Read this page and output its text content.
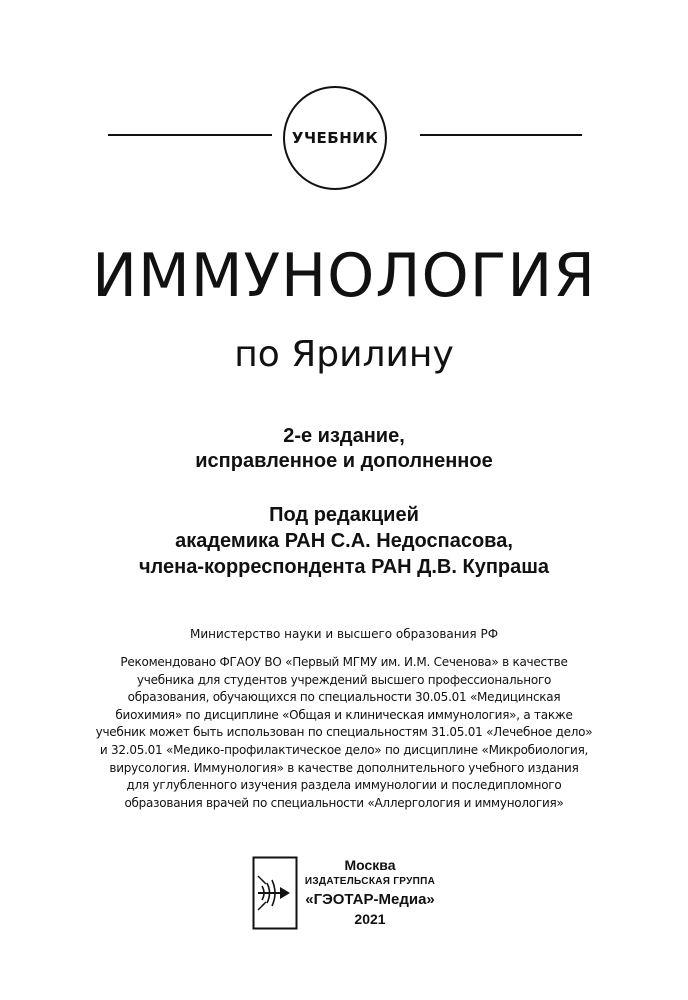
УЧЕБНИК
ИММУНОЛОГИЯ
по Ярилину
2-е издание,
исправленное и дополненное
Под редакцией
академика РАН С.А. Недоспасова,
члена-корреспондента РАН Д.В. Купраша
Министерство науки и высшего образования РФ
Рекомендовано ФГАОУ ВО «Первый МГМУ им. И.М. Сеченова» в качестве
учебника для студентов учреждений высшего профессионального
образования, обучающихся по специальности 30.05.01 «Медицинская
биохимия» по дисциплине «Общая и клиническая иммунология», а также
учебник может быть использован по специальностям 31.05.01 «Лечебное дело»
и 32.05.01 «Медико-профилактическое дело» по дисциплине «Микробиология,
вирусология. Иммунология» в качестве дополнительного учебного издания
для углубленного изучения раздела иммунологии и последипломного
образования врачей по специальности «Аллергология и иммунология»
Москва
ИЗДАТЕЛЬСКАЯ ГРУППА
«ГЭОТАР-Медиа»
2021
